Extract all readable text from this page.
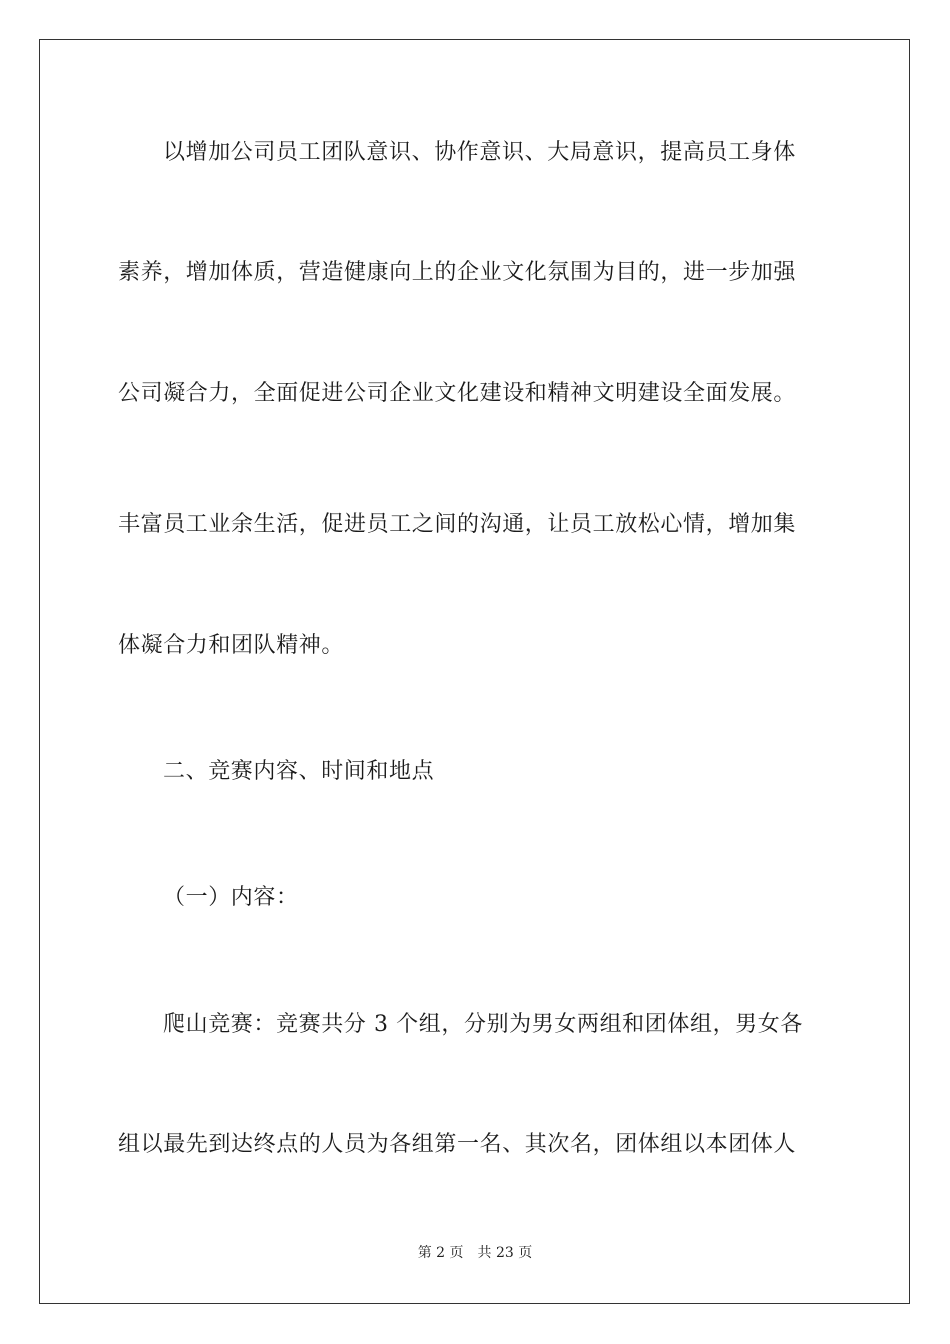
以增加公司员工团队意识、协作意识、大局意识，提高员工身体
素养，增加体质，营造健康向上的企业文化氛围为目的，进一步加强
公司凝合力，全面促进公司企业文化建设和精神文明建设全面发展。
丰富员工业余生活，促进员工之间的沟通，让员工放松心情，增加集
体凝合力和团队精神。
二、竞赛内容、时间和地点
（一）内容：
爬山竞赛：竞赛共分 3 个组，分别为男女两组和团体组，男女各
组以最先到达终点的人员为各组第一名、其次名，团体组以本团体人
第 2 页 共 23 页
